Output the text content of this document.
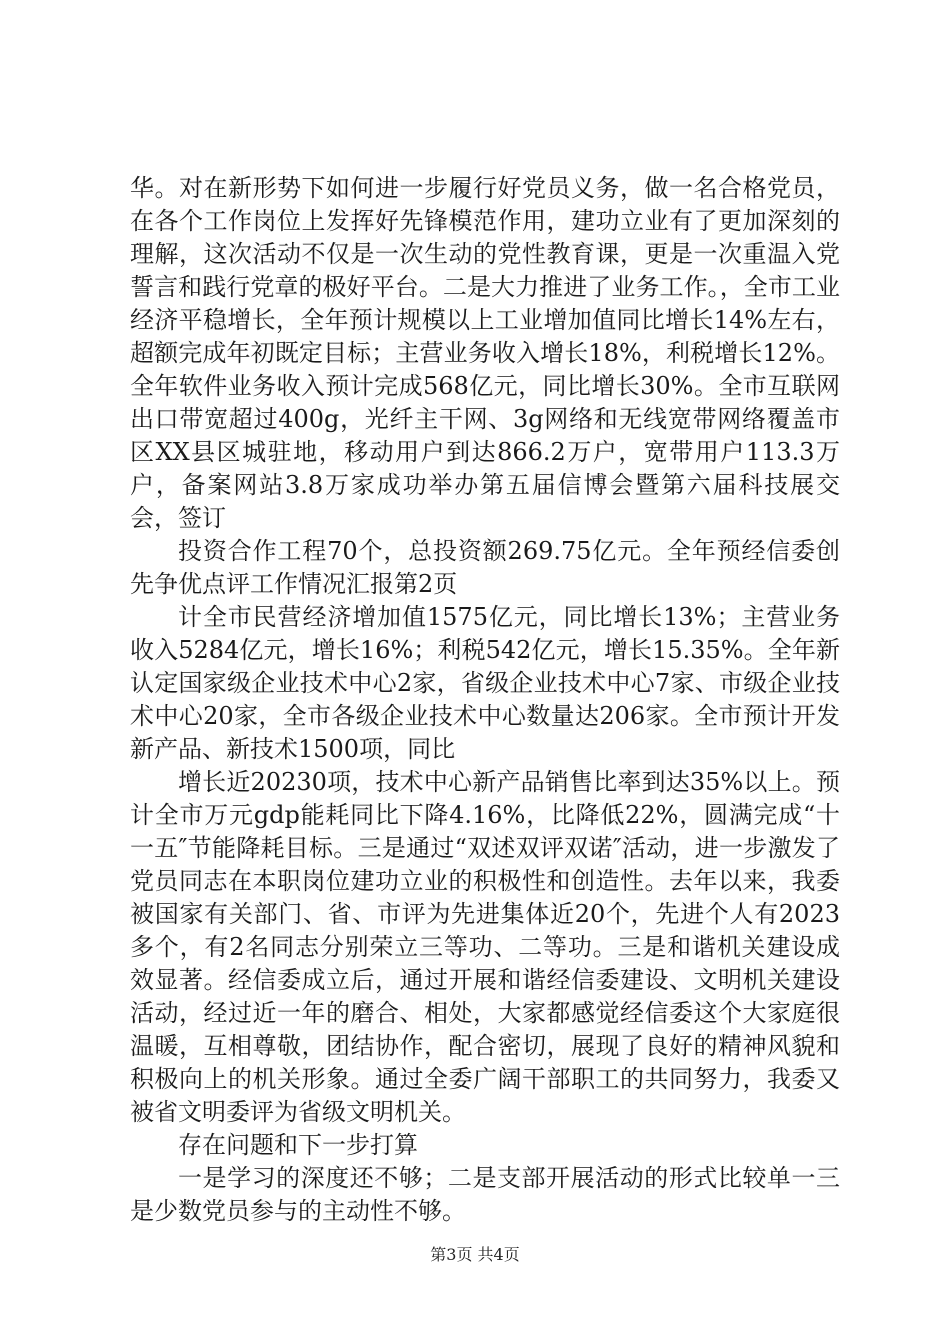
华。对在新形势下如何进一步履行好党员义务，做一名合格党员，在各个工作岗位上发挥好先锋模范作用，建功立业有了更加深刻的理解，这次活动不仅是一次生动的党性教育课，更是一次重温入党誓言和践行党章的极好平台。二是大力推进了业务工作。，全市工业经济平稳增长，全年预计规模以上工业增加值同比增长14%左右，超额完成年初既定目标；主营业务收入增长18%，利税增长12%。全年软件业务收入预计完成568亿元，同比增长30%。全市互联网出口带宽超过400g，光纤主干网、3g网络和无线宽带网络覆盖市区XX县区城驻地，移动用户到达866.2万户，宽带用户113.3万户，备案网站3.8万家成功举办第五届信博会暨第六届科技展交会，签订

投资合作工程70个，总投资额269.75亿元。全年预经信委创先争优点评工作情况汇报第2页

计全市民营经济增加值1575亿元，同比增长13%；主营业务收入5284亿元，增长16%；利税542亿元，增长15.35%。全年新认定国家级企业技术中心2家，省级企业技术中心7家、市级企业技术中心20家，全市各级企业技术中心数量达206家。全市预计开发新产品、新技术1500项，同比

增长近20230项，技术中心新产品销售比率到达35%以上。预计全市万元gdp能耗同比下降4.16%，比降低22%，圆满完成“十一五″节能降耗目标。三是通过“双述双评双诺″活动，进一步激发了党员同志在本职岗位建功立业的积极性和创造性。去年以来，我委被国家有关部门、省、市评为先进集体近20个，先进个人有2023多个，有2名同志分别荣立三等功、二等功。三是和谐机关建设成效显著。经信委成立后，通过开展和谐经信委建设、文明机关建设活动，经过近一年的磨合、相处，大家都感觉经信委这个大家庭很温暖，互相尊敬，团结协作，配合密切，展现了良好的精神风貌和积极向上的机关形象。通过全委广阔干部职工的共同努力，我委又被省文明委评为省级文明机关。

存在问题和下一步打算

一是学习的深度还不够；二是支部开展活动的形式比较单一三是少数党员参与的主动性不够。

第3页 共4页
